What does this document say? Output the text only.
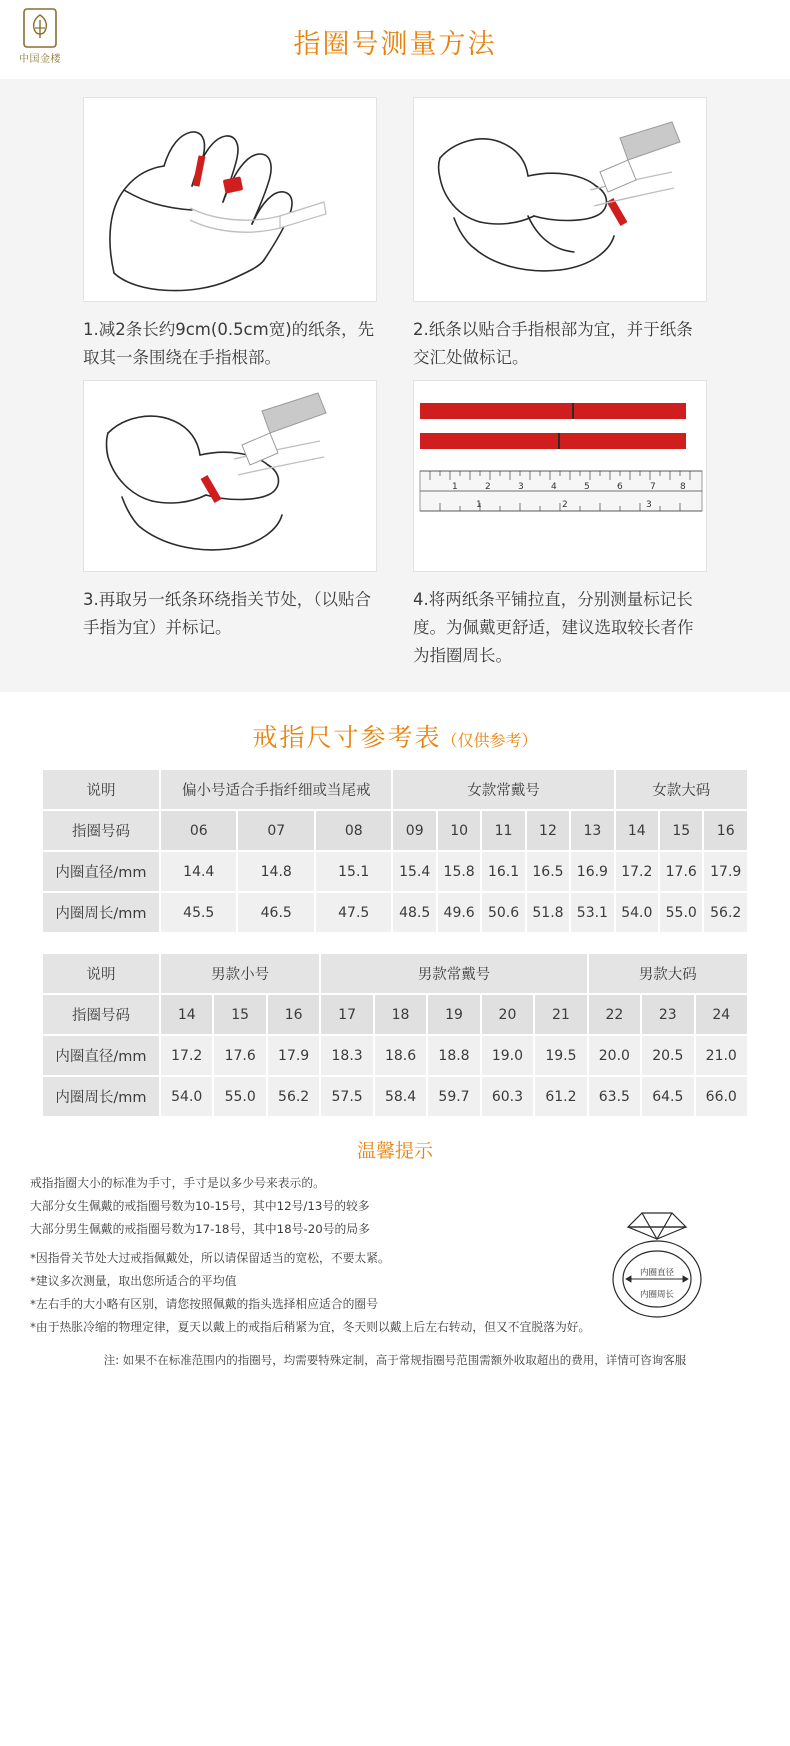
中国金楼	指圈号测量方法
1.减2条长约9cm(0.5cm宽)的纸条，先取其一条围绕在手指根部。
2.纸条以贴合手指根部为宜，并于纸条交汇处做标记。
3.再取另一纸条环绕指关节处，（以贴合手指为宜）并标记。
1	2	3	4	5	6	7	8
1	2	3
4.将两纸条平铺拉直，分别测量标记长度。为佩戴更舒适，建议选取较长者作为指圈周长。
戒指尺寸参考表（仅供参考）
说明	偏小号适合手指纤细或当尾戒			女款常戴号					女款大码		
指圈号码	06	07	08	09	10	11	12	13	14	15	16
内圈直径/mm	14.4	14.8	15.1	15.4	15.8	16.1	16.5	16.9	17.2	17.6	17.9
内圈周长/mm	45.5	46.5	47.5	48.5	49.6	50.6	51.8	53.1	54.0	55.0	56.2
说明	男款小号			男款常戴号					男款大码		
指圈号码	14	15	16	17	18	19	20	21	22	23	24
内圈直径/mm	17.2	17.6	17.9	18.3	18.6	18.8	19.0	19.5	20.0	20.5	21.0
内圈周长/mm	54.0	55.0	56.2	57.5	58.4	59.7	60.3	61.2	63.5	64.5	66.0
温馨提示

戒指指圈大小的标准为手寸，手寸是以多少号来表示的。

大部分女生佩戴的戒指圈号数为10-15号，其中12号/13号的较多

大部分男生佩戴的戒指圈号数为17-18号，其中18号-20号的局多

*因指骨关节处大过戒指佩戴处，所以请保留适当的宽松，不要太紧。

*建议多次测量，取出您所适合的平均值

*左右手的大小略有区别，请您按照佩戴的指头选择相应适合的圈号

*由于热胀冷缩的物理定律，夏天以戴上的戒指后稍紧为宜，冬天则以戴上后左右转动，但又不宜脱落为好。

内圈直径
内圈周长
注: 如果不在标准范围内的指圈号，均需要特殊定制，高于常规指圈号范围需额外收取超出的费用，详情可咨询客服
